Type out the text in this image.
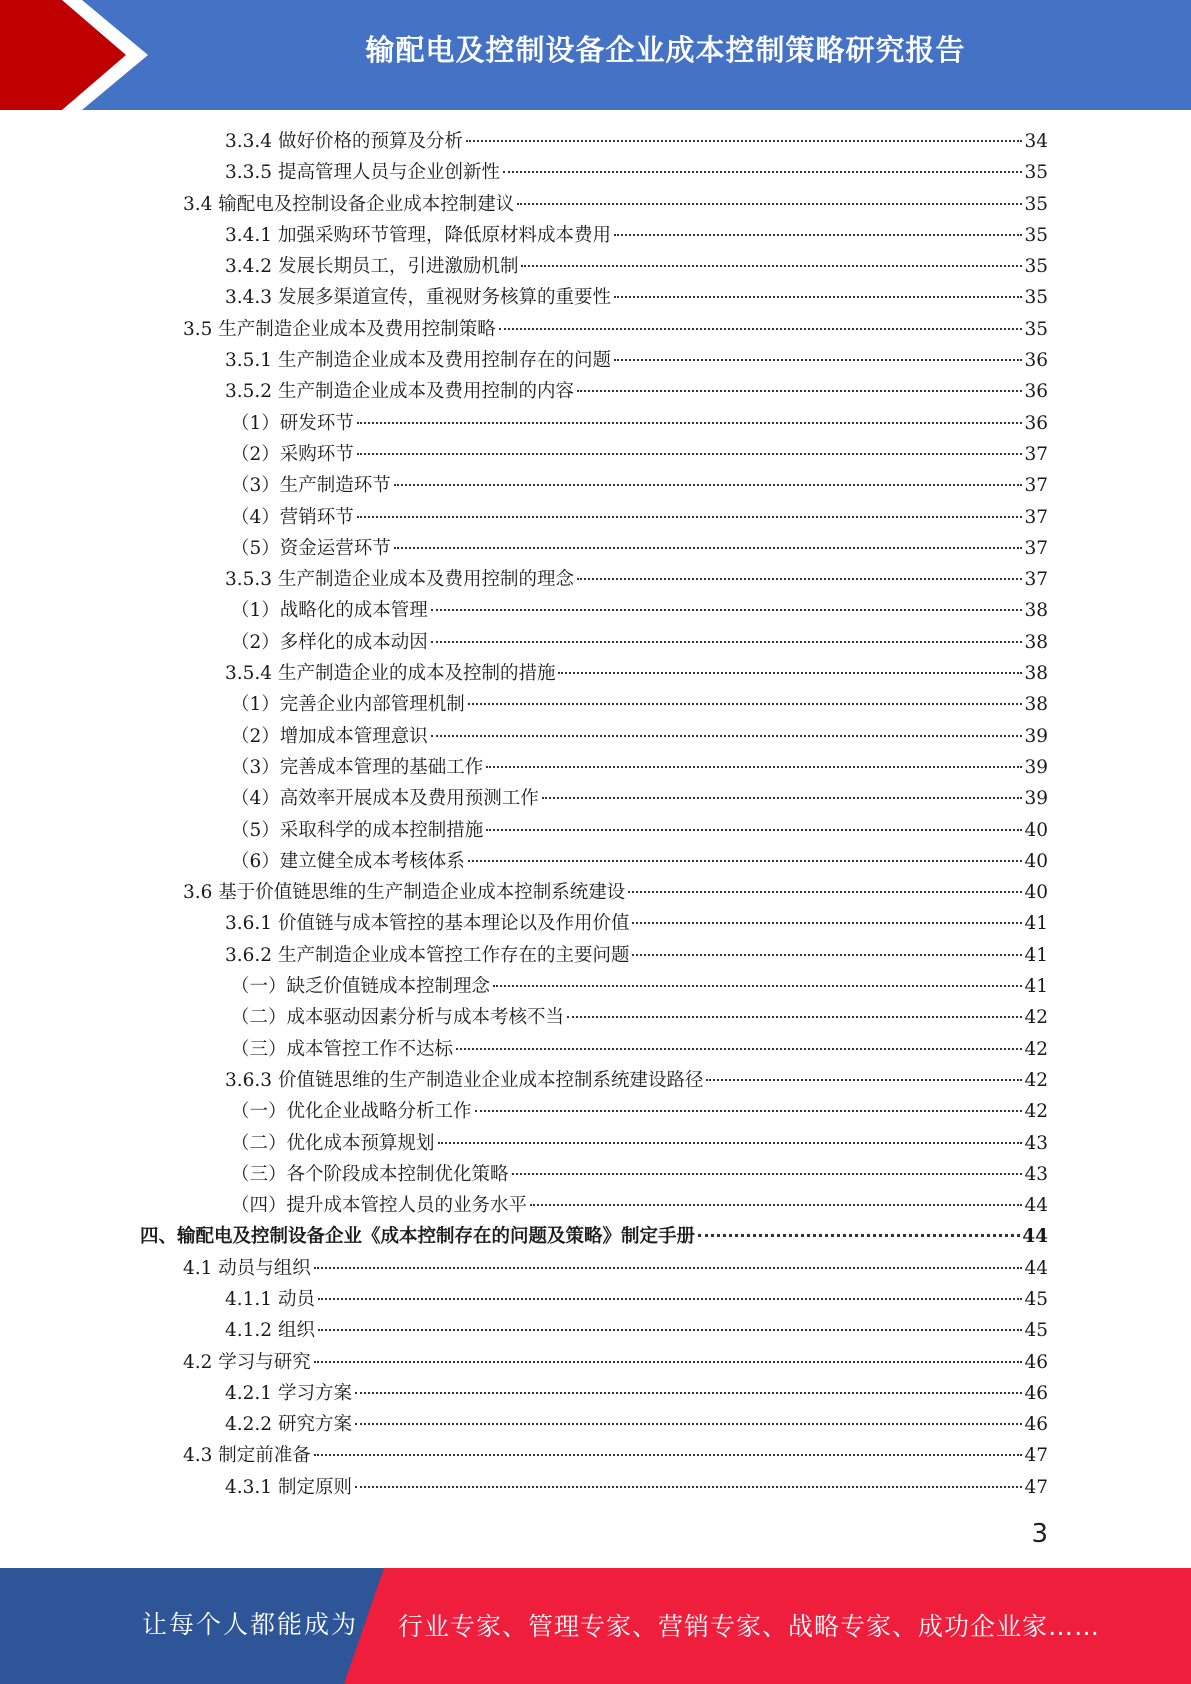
输配电及控制设备企业成本控制策略研究报告
3.3.4 做好价格的预算及分析	34
3.3.5 提高管理人员与企业创新性	35
3.4 输配电及控制设备企业成本控制建议	35
3.4.1 加强采购环节管理，降低原材料成本费用	35
3.4.2 发展长期员工，引进激励机制	35
3.4.3 发展多渠道宣传，重视财务核算的重要性	35
3.5 生产制造企业成本及费用控制策略	35
3.5.1 生产制造企业成本及费用控制存在的问题	36
3.5.2 生产制造企业成本及费用控制的内容	36
（1）研发环节	36
（2）采购环节	37
（3）生产制造环节	37
（4）营销环节	37
（5）资金运营环节	37
3.5.3 生产制造企业成本及费用控制的理念	37
（1）战略化的成本管理	38
（2）多样化的成本动因	38
3.5.4 生产制造企业的成本及控制的措施	38
（1）完善企业内部管理机制	38
（2）增加成本管理意识	39
（3）完善成本管理的基础工作	39
（4）高效率开展成本及费用预测工作	39
（5）采取科学的成本控制措施	40
（6）建立健全成本考核体系	40
3.6 基于价值链思维的生产制造企业成本控制系统建设	40
3.6.1 价值链与成本管控的基本理论以及作用价值	41
3.6.2 生产制造企业成本管控工作存在的主要问题	41
（一）缺乏价值链成本控制理念	41
（二）成本驱动因素分析与成本考核不当	42
（三）成本管控工作不达标	42
3.6.3 价值链思维的生产制造业企业成本控制系统建设路径	42
（一）优化企业战略分析工作	42
（二）优化成本预算规划	43
（三）各个阶段成本控制优化策略	43
（四）提升成本管控人员的业务水平	44
四、输配电及控制设备企业《成本控制存在的问题及策略》制定手册	44
4.1 动员与组织	44
4.1.1 动员	45
4.1.2 组织	45
4.2 学习与研究	46
4.2.1 学习方案	46
4.2.2 研究方案	46
4.3 制定前准备	47
4.3.1 制定原则	47
3
让每个人都能成为 行业专家、管理专家、营销专家、战略专家、成功企业家……
